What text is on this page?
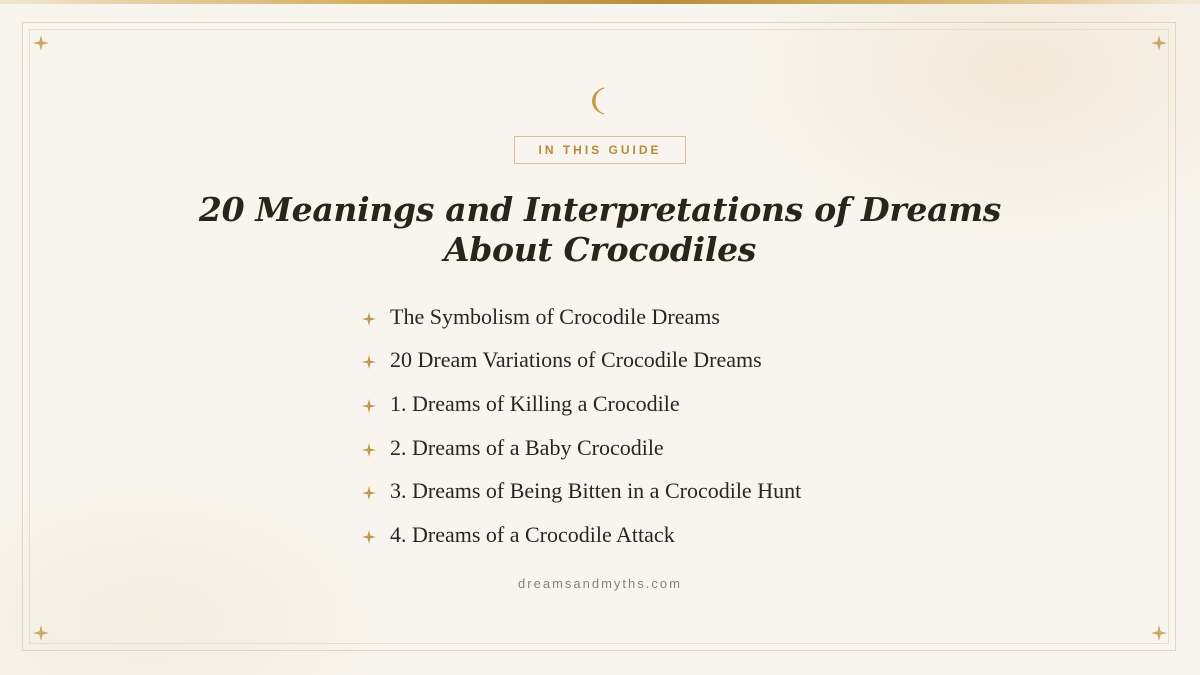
IN THIS GUIDE
20 Meanings and Interpretations of Dreams About Crocodiles
The Symbolism of Crocodile Dreams
20 Dream Variations of Crocodile Dreams
1. Dreams of Killing a Crocodile
2. Dreams of a Baby Crocodile
3. Dreams of Being Bitten in a Crocodile Hunt
4. Dreams of a Crocodile Attack
dreamsandmyths.com
